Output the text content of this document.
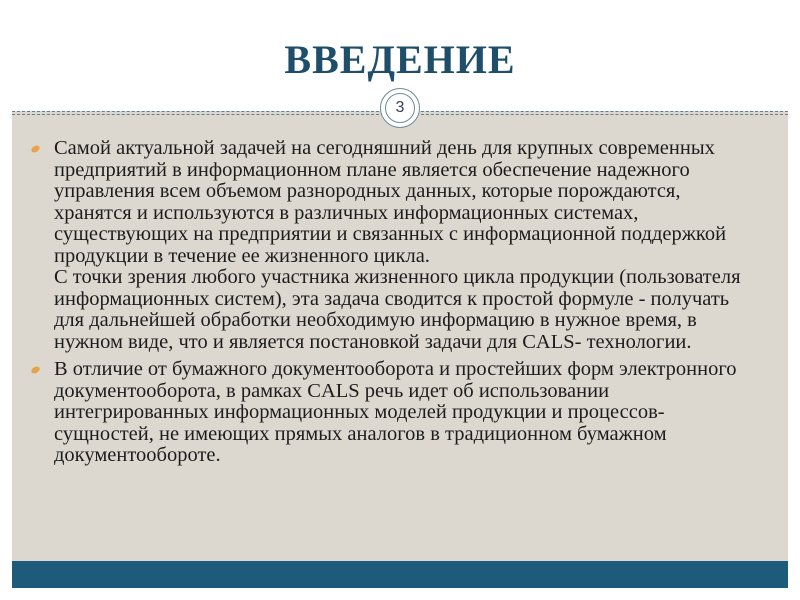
ВВЕДЕНИЕ
3
Самой актуальной задачей на сегодняшний день для крупных современных предприятий в информационном плане является обеспечение надежного управления всем объемом разнородных данных, которые порождаются, хранятся и используются в различных информационных системах, существующих на предприятии и связанных с информационной поддержкой продукции в течение ее жизненного цикла.
С точки зрения любого участника жизненного цикла продукции (пользователя информационных систем), эта задача сводится к простой формуле - получать для дальнейшей обработки необходимую информацию в нужное время, в нужном виде, что и является постановкой задачи для CALS- технологии.
В отличие от бумажного документооборота и простейших форм электронного документооборота, в рамках CALS речь идет об использовании интегрированных информационных моделей продукции и процессов-сущностей, не имеющих прямых аналогов в традиционном бумажном документообороте.
